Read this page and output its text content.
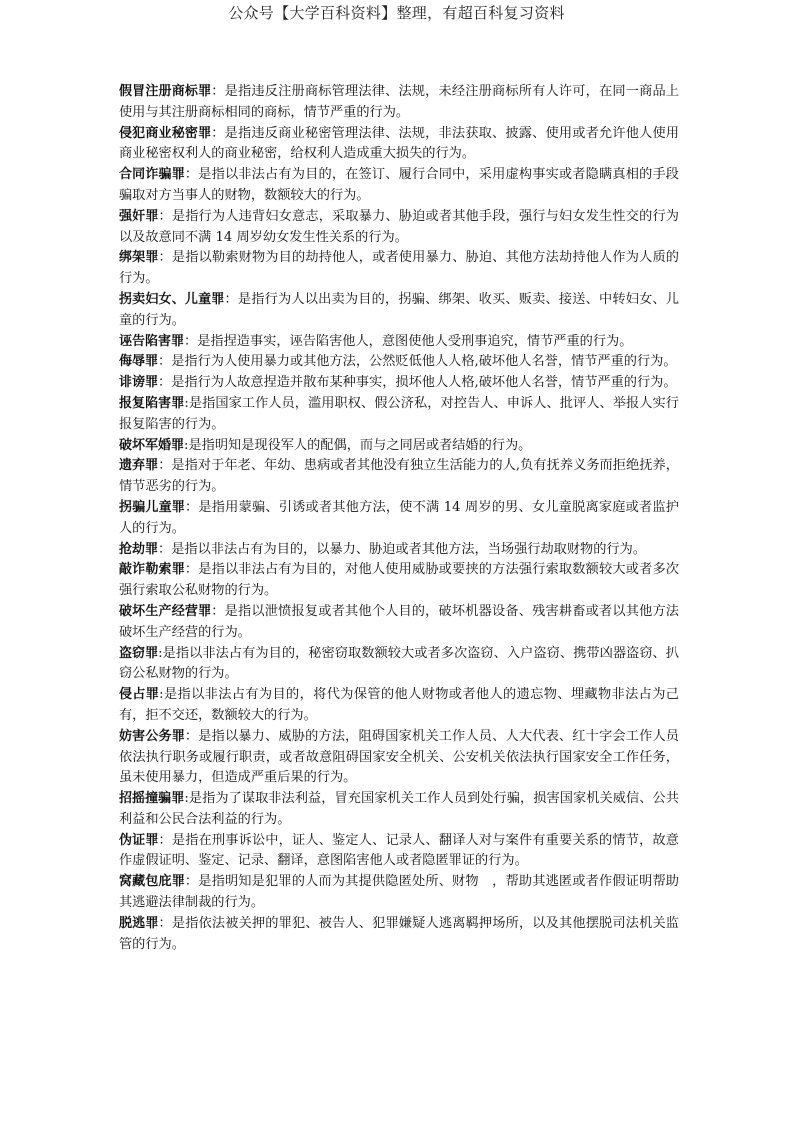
公众号【大学百科资料】整理，有超百科复习资料

假冒注册商标罪：是指违反注册商标管理法律、法规，未经注册商标所有人许可，在同一商品上使用与其注册商标相同的商标，情节严重的行为。

侵犯商业秘密罪：是指违反商业秘密管理法律、法规，非法获取、披露、使用或者允许他人使用商业秘密权利人的商业秘密，给权利人造成重大损失的行为。

合同诈骗罪：是指以非法占有为目的，在签订、履行合同中，采用虚构事实或者隐瞒真相的手段骗取对方当事人的财物，数额较大的行为。

强奸罪：是指行为人违背妇女意志，采取暴力、胁迫或者其他手段，强行与妇女发生性交的行为以及故意同不满 14 周岁幼女发生性关系的行为。

绑架罪：是指以勒索财物为目的劫持他人，或者使用暴力、胁迫、其他方法劫持他人作为人质的行为。

拐卖妇女、儿童罪：是指行为人以出卖为目的，拐骗、绑架、收买、贩卖、接送、中转妇女、儿童的行为。

诬告陷害罪：是指捏造事实，诬告陷害他人，意图使他人受刑事追究，情节严重的行为。

侮辱罪：是指行为人使用暴力或其他方法，公然贬低他人人格,破坏他人名誉，情节严重的行为。

诽谤罪：是指行为人故意捏造并散布某种事实，损坏他人人格,破坏他人名誉，情节严重的行为。

报复陷害罪:是指国家工作人员，滥用职权、假公济私，对控告人、申诉人、批评人、举报人实行报复陷害的行为。

破坏军婚罪:是指明知是现役军人的配偶，而与之同居或者结婚的行为。

遗弃罪：是指对于年老、年幼、患病或者其他没有独立生活能力的人,负有抚养义务而拒绝抚养，情节恶劣的行为。

拐骗儿童罪：是指用蒙骗、引诱或者其他方法，使不满 14 周岁的男、女儿童脱离家庭或者监护人的行为。

抢劫罪：是指以非法占有为目的，以暴力、胁迫或者其他方法，当场强行劫取财物的行为。

敲诈勒索罪：是指以非法占有为目的，对他人使用威胁或要挟的方法强行索取数额较大或者多次强行索取公私财物的行为。

破坏生产经营罪：是指以泄愤报复或者其他个人目的，破坏机器设备、残害耕畜或者以其他方法破坏生产经营的行为。

盗窃罪:是指以非法占有为目的，秘密窃取数额较大或者多次盗窃、入户盗窃、携带凶器盗窃、扒窃公私财物的行为。

侵占罪:是指以非法占有为目的，将代为保管的他人财物或者他人的遗忘物、埋藏物非法占为己有，拒不交还，数额较大的行为。

妨害公务罪：是指以暴力、威胁的方法，阻碍国家机关工作人员、人大代表、红十字会工作人员依法执行职务或履行职责，或者故意阻碍国家安全机关、公安机关依法执行国家安全工作任务，虽未使用暴力，但造成严重后果的行为。

招摇撞骗罪:是指为了谋取非法利益，冒充国家机关工作人员到处行骗，损害国家机关威信、公共利益和公民合法利益的行为。

伪证罪：是指在刑事诉讼中，证人、鉴定人、记录人、翻译人对与案件有重要关系的情节，故意　作虚假证明、鉴定、记录、翻译，意图陷害他人或者隐匿罪证的行为。

窝藏包庇罪：是指明知是犯罪的人而为其提供隐匿处所、财物　，帮助其逃匿或者作假证明帮助其逃避法律制裁的行为。

脱逃罪：是指依法被关押的罪犯、被告人、犯罪嫌疑人逃离羁押场所，以及其他摆脱司法机关监管的行为。
